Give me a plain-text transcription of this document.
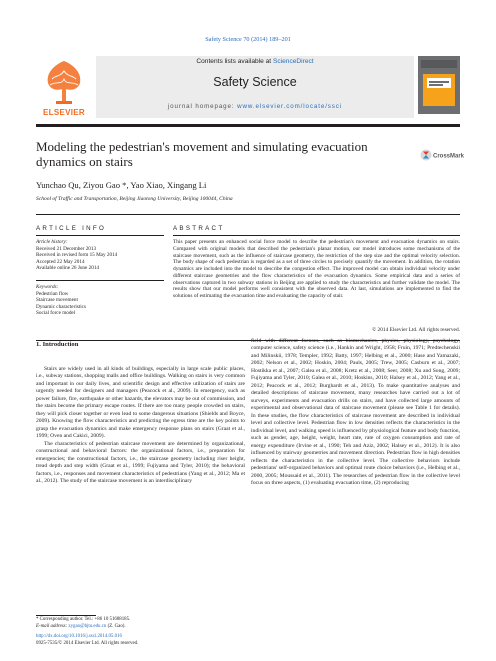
Safety Science 70 (2014) 189–201
ELSEVIER
Contents lists available at ScienceDirect
Safety Science
journal homepage: www.elsevier.com/locate/ssci
Modeling the pedestrian's movement and simulating evacuation dynamics on stairs	CrossMark
Yunchao Qu, Ziyou Gao *, Yao Xiao, Xingang Li
School of Traffic and Transportation, Beijing Jiaotong University, Beijing 100044, China
ARTICLE INFO
Article history:
Received 21 December 2013
Received in revised form 15 May 2014
Accepted 22 May 2014
Available online 26 June 2014
Keywords:
Pedestrian flow
Staircase movement
Dynamic characteristics
Social force model
ABSTRACT
This paper presents an enhanced social force model to describe the pedestrian's movement and evacuation dynamics on stairs. Compared with original models that described the pedestrian's planar motion, our model introduces some mechanisms of the staircase movement, such as the influence of staircase geometry, the restriction of the step size and the optimal velocity selection. The body shape of each pedestrian is regarded as a set of three circles to precisely quantify the movement. In addition, the rotation dynamics are included into the model to describe the congestion effect. The improved model can obtain individual velocity under different staircase geometries and the flow characteristics of the evacuation dynamics. Some empirical data and a series of observations captured in two subway stations in Beijing are applied to study the characteristics and further validate the model. The results show that our model performs well consistent with the observed data. At last, simulations are implemented to find the solutions of estimating the evacuation time and evaluating the capacity of stair.
© 2014 Elsevier Ltd. All rights reserved.
1. Introduction

Stairs are widely used in all kinds of buildings, especially in large scale public places, i.e., subway stations, shopping malls and office buildings. Walking on stairs is very common and important in our daily lives, and scientific design and effective utilization of stairs are urgently needed for designers and managers (Peacock et al., 2009). In emergency, such as power failure, fire, earthquake or other hazards, the elevators may be out of commission, and the stairs become the primary escape routes. If there are too many people crowded on stairs, they will pick closer together or even lead to some dangerous situations (Shields and Boyce, 2009). Knowing the flow characteristics and predicting the egress time are the key points to grasp the evacuation dynamics and make emergency response plans on stairs (Graat et al., 1999; Oven and Cakici, 2009).

The characteristics of pedestrian staircase movement are determined by organizational, constructional and behavioral factors: the organizational factors, i.e., preparation for emergencies; the constructional factors, i.e., the staircase geometry including riser height, tread depth and step width (Graat et al., 1999; Fujiyama and Tyler, 2010); the behavioral factors, i.e., responses and movement characteristics of pedestrians (Yang et al., 2012; Ma et al., 2012). The study of the staircase movement is an interdisciplinary

field with different focuses, such as biomechanics, physics, physiology, psychology, computer science, safety science (i.e., Hankin and Wright, 1958; Fruin, 1971; Predtechenskii and Milinskii, 1978; Templer, 1992; Batty, 1997; Helbing et al., 2000; Hase and Yamazaki, 2002; Nelson et al., 2002; Hoskin, 2004; Pauls, 2005; Trew, 2005; Casburn et al., 2007; Hostikka et al., 2007; Galea et al., 2008; Kretz et al., 2008; Seer, 2008; Xu and Song, 2009; Fujiyama and Tyler, 2010; Galea et al., 2010; Hoskins, 2010; Halsey et al., 2012; Yang et al., 2012; Peacock et al., 2012; Burghardt et al., 2013). To make quantitative analyses and detailed descriptions of staircase movement, many researches have carried out a lot of surveys, experiments and evacuation drills on stairs, and have collected large amounts of experimental and observational data of staircase movement (please see Table 1 for details). In these studies, the flow characteristics of staircase movement are described in individual level and collective level. Pedestrian flow in low densities reflects the characteristics in the individual level, and walking speed is influenced by physiological feature and body function, such as gender, age, height, weight, heart rate, rate of oxygen consumption and rate of energy expenditure (Irvine et al., 1990; Teh and Aziz, 2002; Halsey et al., 2012). It is also influenced by stairway geometries and movement direction. Pedestrian flow in high densities reflects the characteristics in the collective level. The collective behaviors include pedestrians' self-organized behaviors and optimal route choice behaviors (i.e., Helbing et al., 2000, 2005; Moussaid et al., 2011). The researches of pedestrian flow in the collective level focus on three aspects, (1) evaluating evacuation time, (2) reproducing

* Corresponding author. Tel.: +86 10 51688185.
E-mail address: zygao@bjtu.edu.cn (Z. Gao).
http://dx.doi.org/10.1016/j.ssci.2014.05.016
0925-7535/© 2014 Elsevier Ltd. All rights reserved.
